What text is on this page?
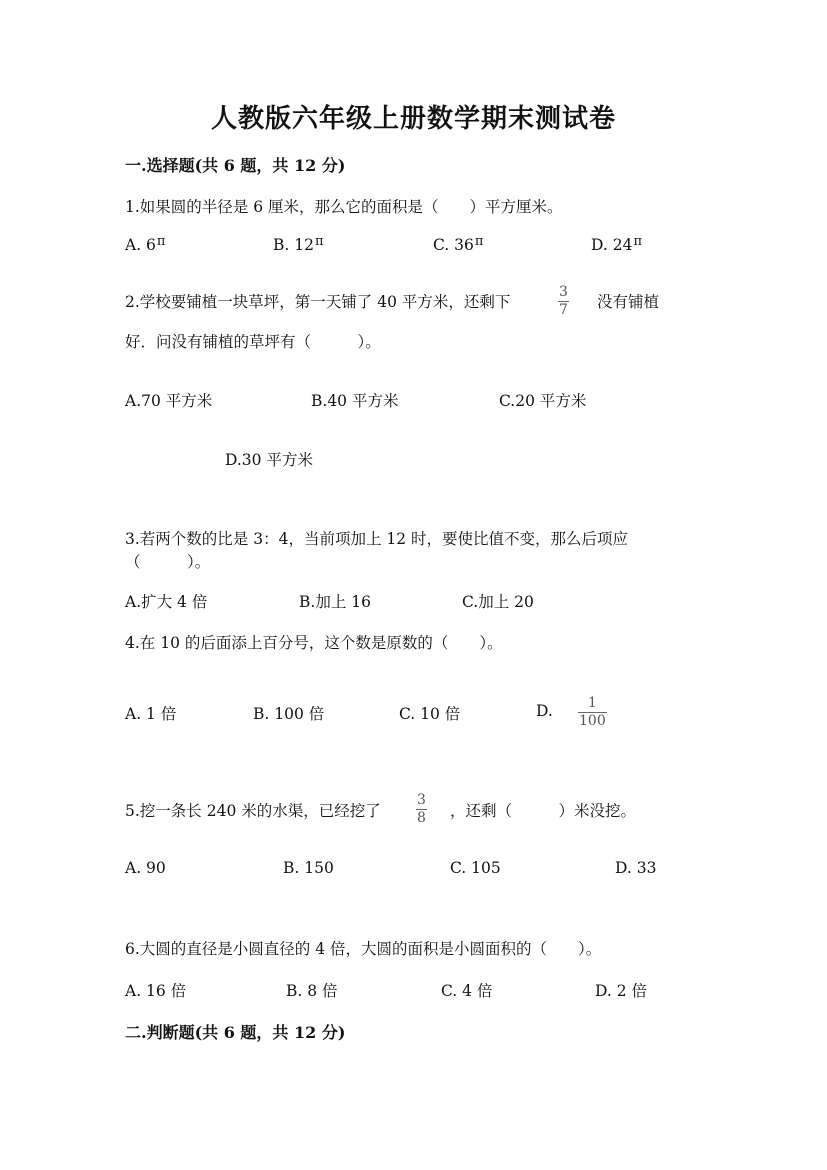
人教版六年级上册数学期末测试卷
一.选择题(共 6 题，共 12 分)
1.如果圆的半径是 6 厘米，那么它的面积是（　　）平方厘米。
A. $6^\pi$	B. $12^\pi$	C. $36^\pi$	D. $24^\pi$
2.学校要铺植一块草坪，第一天铺了 40 平方米，还剩下
3
7 没有铺植
好．问没有铺植的草坪有（　　　）。
A.70 平方米	B.40 平方米	C.20 平方米
D.30 平方米
3.若两个数的比是 3：4，当前项加上 12 时，要使比值不变，那么后项应
（　　　）。
A.扩大 4 倍	B.加上 16	C.加上 20
4.在 10 的后面添上百分号，这个数是原数的（　　）。
A. 1 倍	B. 100 倍	C. 10 倍	D.	1
100
5.挖一条长 240 米的水渠，已经挖了
3
8 ，还剩（　　　）米没挖。
A. 90	B. 150	C. 105	D. 33
6.大圆的直径是小圆直径的 4 倍，大圆的面积是小圆面积的（　　）。
A. 16 倍	B. 8 倍	C. 4 倍	D. 2 倍
二.判断题(共 6 题，共 12 分)
